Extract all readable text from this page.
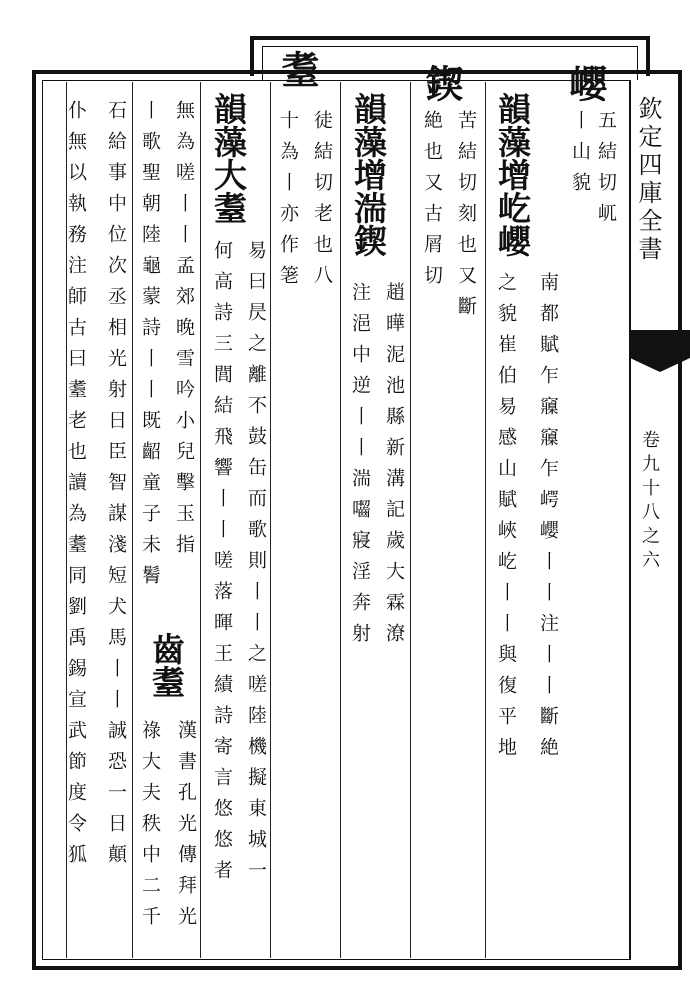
欽定四庫全書
卷九十八之六
巊
五結切屼
丨山貌
韻藻增屹巊
南都賦乍䆿䆿乍崿巊丨丨注丨丨斷絶
之貌崔伯易感山賦峽屹丨丨與復平地
鍥
苦結切刻也又斷
絶也又古屑切
韻藻增湍鍥
趙曄泥池縣新溝記歲大霖潦
注浥中逆丨丨湍囓寢淫奔射
耋
徒結切老也八
十為丨亦作䇭
韻藻大耋
易曰昃之離不鼓缶而歌則丨丨之嗟陸機擬東城一
何高詩三閭結飛響丨丨嗟落暉王績詩寄言悠悠者
無為嗟丨丨孟郊晚雪吟小兒擊玉指
丨歌聖朝陸龜蒙詩丨丨既齠童子未鬌
齒耋
漢書孔光傳拜光
石給事中位次丞相光射日臣智謀淺短犬馬丨丨誠恐一日顛 祿大夫秩中二千
仆無以執務注師古曰耋老也讀為耋同劉禹錫宣武節度令狐
